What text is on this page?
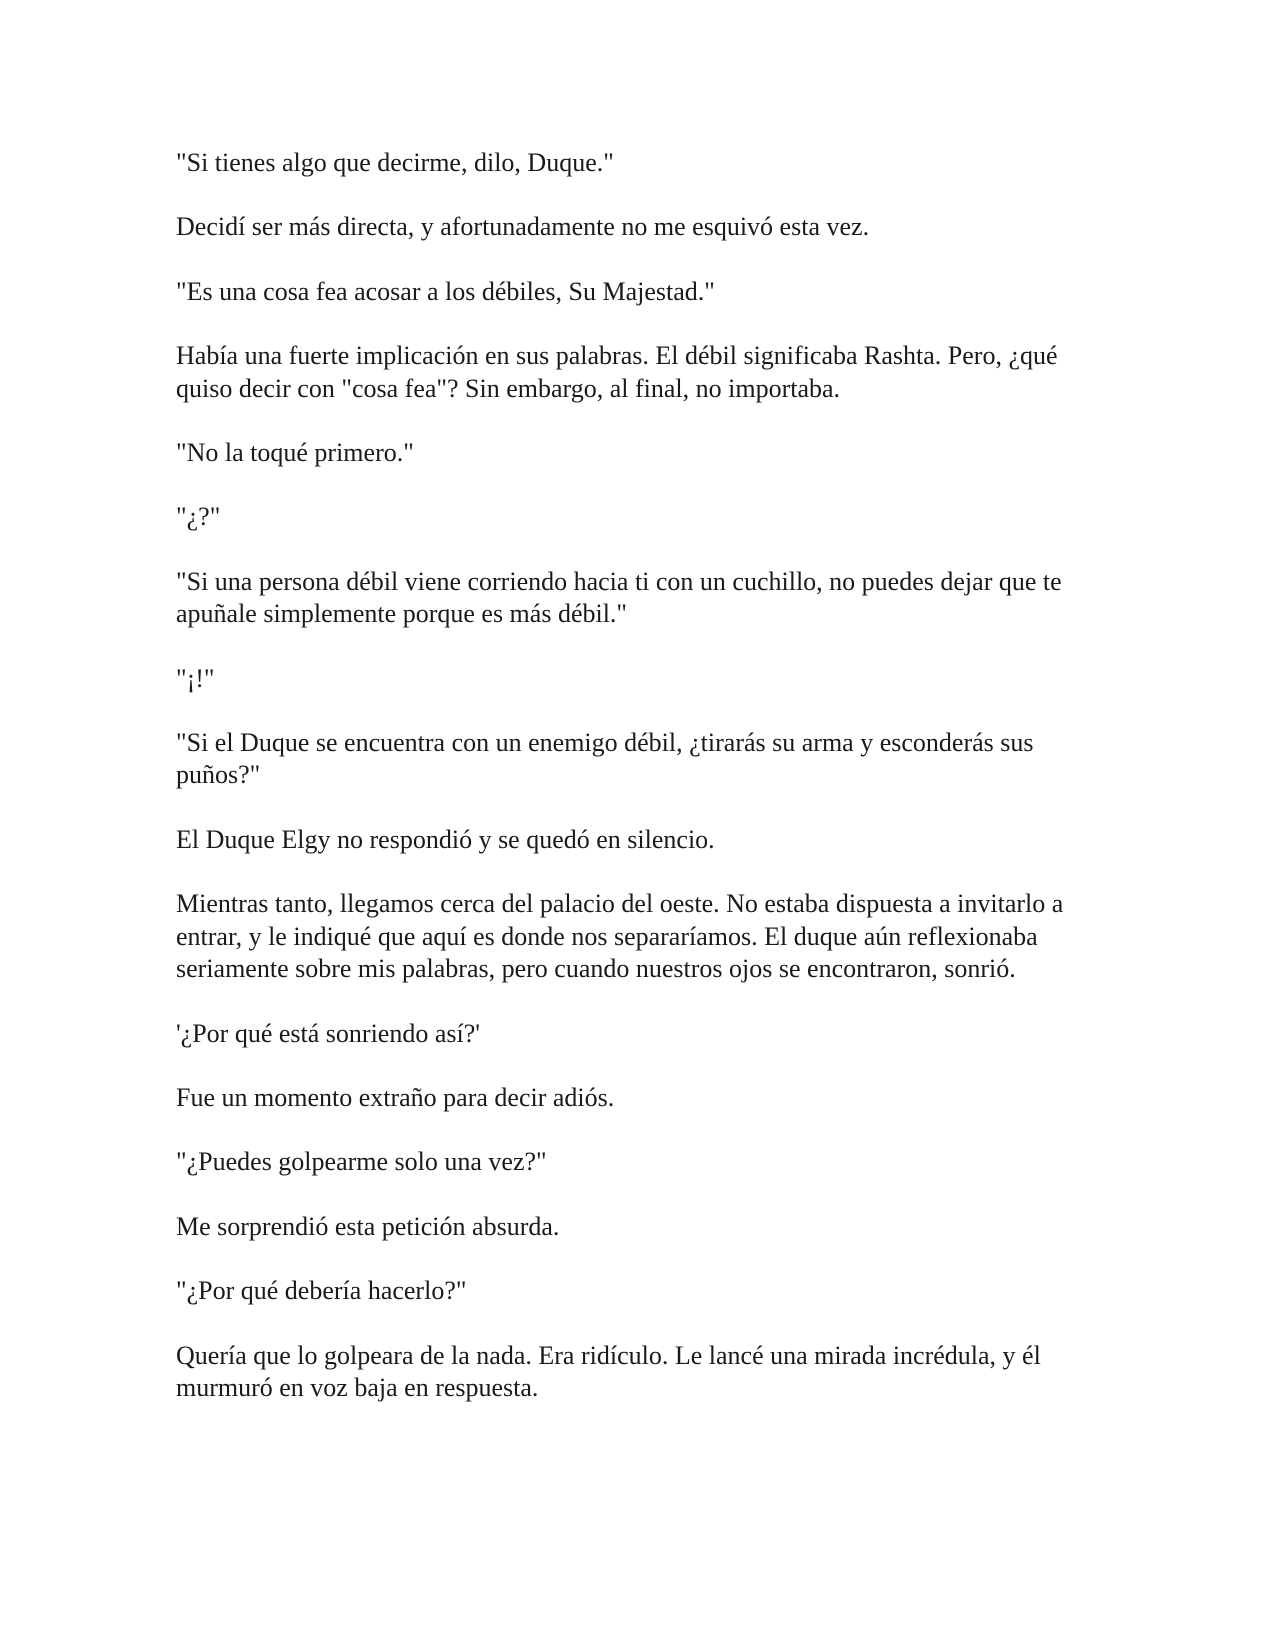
"Si tienes algo que decirme, dilo, Duque."

Decidí ser más directa, y afortunadamente no me esquivó esta vez.

"Es una cosa fea acosar a los débiles, Su Majestad."

Había una fuerte implicación en sus palabras. El débil significaba Rashta. Pero, ¿qué quiso decir con "cosa fea"? Sin embargo, al final, no importaba.

"No la toqué primero."

"¿?"

"Si una persona débil viene corriendo hacia ti con un cuchillo, no puedes dejar que te apuñale simplemente porque es más débil."

"¡!"

"Si el Duque se encuentra con un enemigo débil, ¿tirarás su arma y esconderás sus puños?"

El Duque Elgy no respondió y se quedó en silencio.

Mientras tanto, llegamos cerca del palacio del oeste. No estaba dispuesta a invitarlo a entrar, y le indiqué que aquí es donde nos separaríamos. El duque aún reflexionaba seriamente sobre mis palabras, pero cuando nuestros ojos se encontraron, sonrió.

'¿Por qué está sonriendo así?'

Fue un momento extraño para decir adiós.

"¿Puedes golpearme solo una vez?"

Me sorprendió esta petición absurda.

"¿Por qué debería hacerlo?"

Quería que lo golpeara de la nada. Era ridículo. Le lancé una mirada incrédula, y él murmuró en voz baja en respuesta.
